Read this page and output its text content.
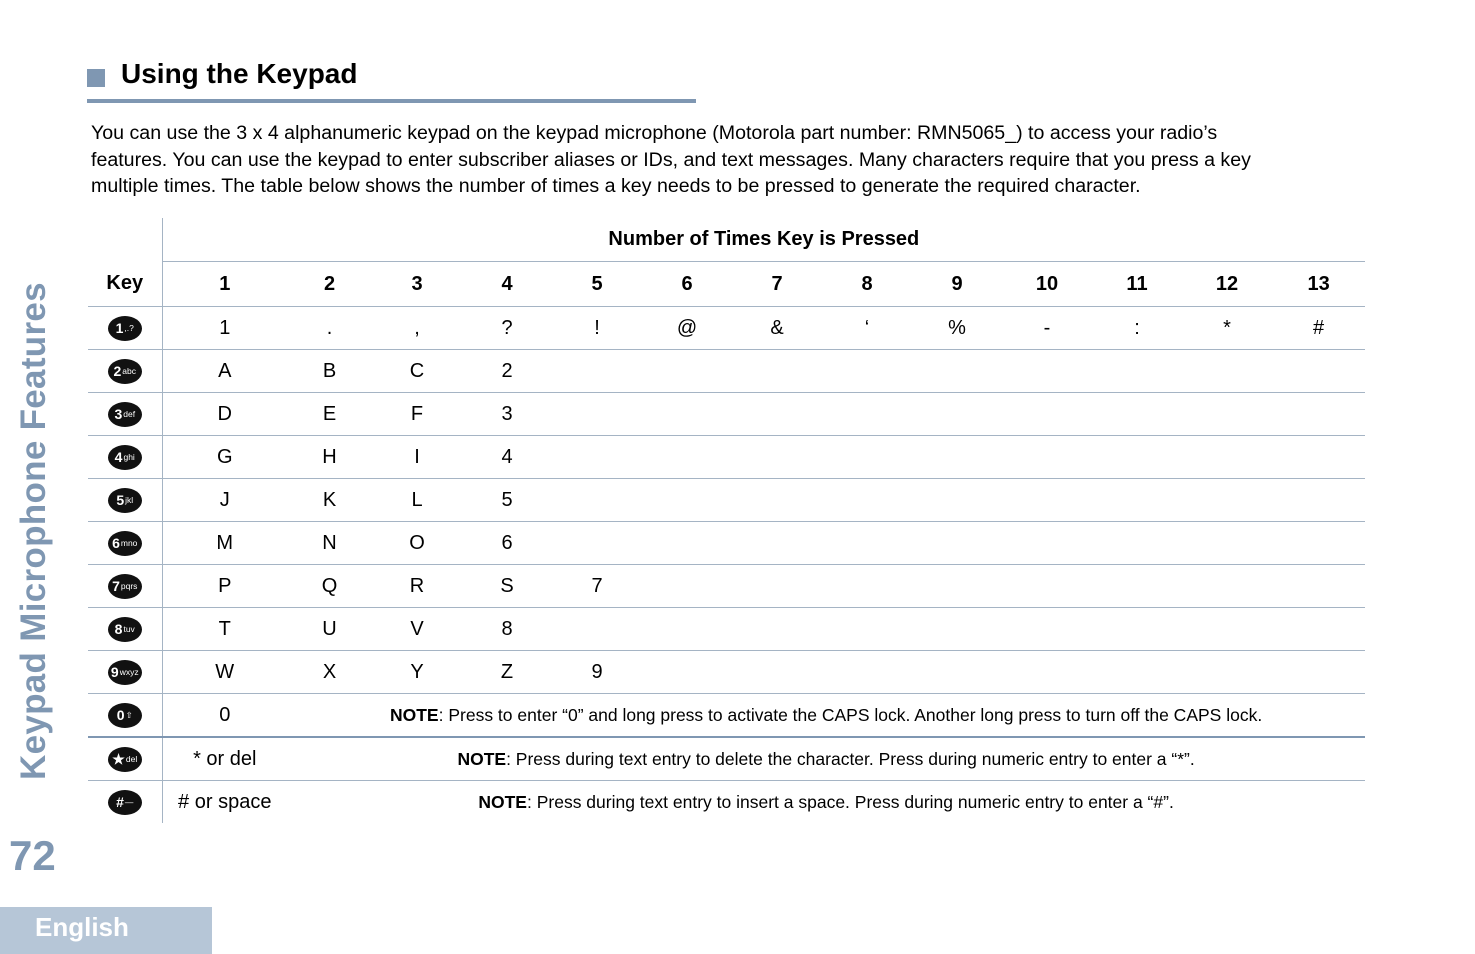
Keypad Microphone Features
72
English
Using the Keypad

You can use the 3 x 4 alphanumeric keypad on the keypad microphone (Motorola part number: RMN5065_) to access your radio’s

features. You can use the keypad to enter subscriber aliases or IDs, and text messages. Many characters require that you press a key

multiple times. The table below shows the number of times a key needs to be pressed to generate the required character.

	Number of Times Key is Pressed												
Key	1	2	3	4	5	6	7	8	9	10	11	12	13

1 ,.?	1	.	,	?	!	@	&	‘	%	-	:	*	#

2 abc	A	B	C	2									

3 def	D	E	F	3									

4 ghi	G	H	I	4									

5 jkl	J	K	L	5									

6 mno	M	N	O	6									

7 pqrs	P	Q	R	S	7								

8 tuv	T	U	V	8									

9 wxyz	W	X	Y	Z	9								

0 ⇧	0	NOTE: Press to enter “0” and long press to activate the CAPS lock. Another long press to turn off the CAPS lock.											

★ del	* or del	NOTE: Press during text entry to delete the character. Press during numeric entry to enter a “*”.											

# —	# or space	NOTE: Press during text entry to insert a space. Press during numeric entry to enter a “#”.											
